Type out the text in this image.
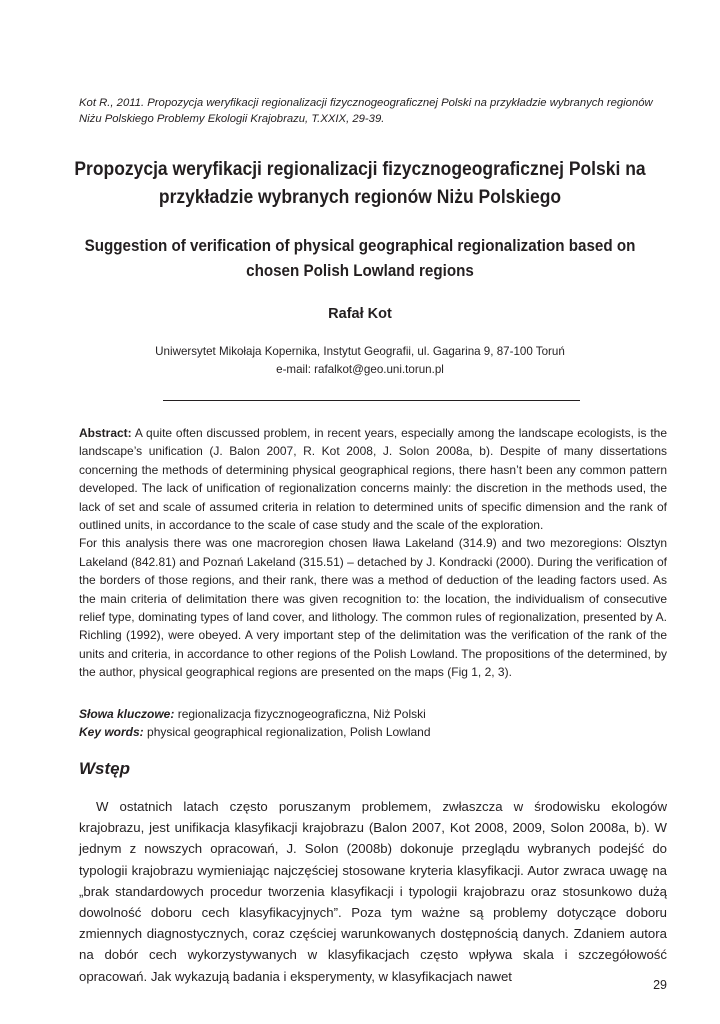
Kot R., 2011. Propozycja weryfikacji regionalizacji fizycznogeograficznej Polski na przykładzie wybranych regionów
Niżu Polskiego Problemy Ekologii Krajobrazu, T.XXIX, 29-39.
Propozycja weryfikacji regionalizacji fizycznogeograficznej Polski na
przykładzie wybranych regionów Niżu Polskiego
Suggestion of verification of physical geographical regionalization based on
chosen Polish Lowland regions
Rafał Kot
Uniwersytet Mikołaja Kopernika, Instytut Geografii, ul. Gagarina 9, 87-100 Toruń
e-mail: rafalkot@geo.uni.torun.pl

Abstract: A quite often discussed problem, in recent years, especially among the landscape ecologists, is the landscape’s unification (J. Balon 2007, R. Kot 2008, J. Solon 2008a, b). Despite of many dissertations concerning the methods of determining physical geographical regions, there hasn’t been any common pattern developed. The lack of unification of regionalization concerns mainly: the discretion in the methods used, the lack of set and scale of assumed criteria in relation to determined units of specific dimension and the rank of outlined units, in accordance to the scale of case study and the scale of the exploration.

For this analysis there was one macroregion chosen Iława Lakeland (314.9) and two mezoregions: Olsztyn Lakeland (842.81) and Poznań Lakeland (315.51) – detached by J. Kondracki (2000). During the verification of the borders of those regions, and their rank, there was a method of deduction of the leading factors used. As the main criteria of delimitation there was given recognition to: the location, the individualism of consecutive relief type, dominating types of land cover, and lithology. The common rules of regionalization, presented by A. Richling (1992), were obeyed. A very important step of the delimitation was the verification of the rank of the units and criteria, in accordance to other regions of the Polish Lowland. The propositions of the determined, by the author, physical geographical regions are presented on the maps (Fig 1, 2, 3).

Słowa kluczowe: regionalizacja fizycznogeograficzna, Niż Polski
Key words: physical geographical regionalization, Polish Lowland
Wstęp

W ostatnich latach często poruszanym problemem, zwłaszcza w środowisku ekologów krajobrazu, jest unifikacja klasyfikacji krajobrazu (Balon 2007, Kot 2008, 2009, Solon 2008a, b). W jednym z nowszych opracowań, J. Solon (2008b) dokonuje przeglądu wybranych podejść do typologii krajobrazu wymieniając najczęściej stosowane kryteria klasyfikacji. Autor zwraca uwagę na „brak standardowych procedur tworzenia klasyfikacji i typologii krajobrazu oraz stosunkowo dużą dowolność doboru cech klasyfikacyjnych”. Poza tym ważne są problemy dotyczące doboru zmiennych diagnostycznych, coraz częściej warunkowanych dostępnością danych. Zdaniem autora na dobór cech wykorzystywanych w klasyfikacjach często wpływa skala i szczegółowość opracowań. Jak wykazują badania i eksperymenty, w klasyfikacjach nawet

29
